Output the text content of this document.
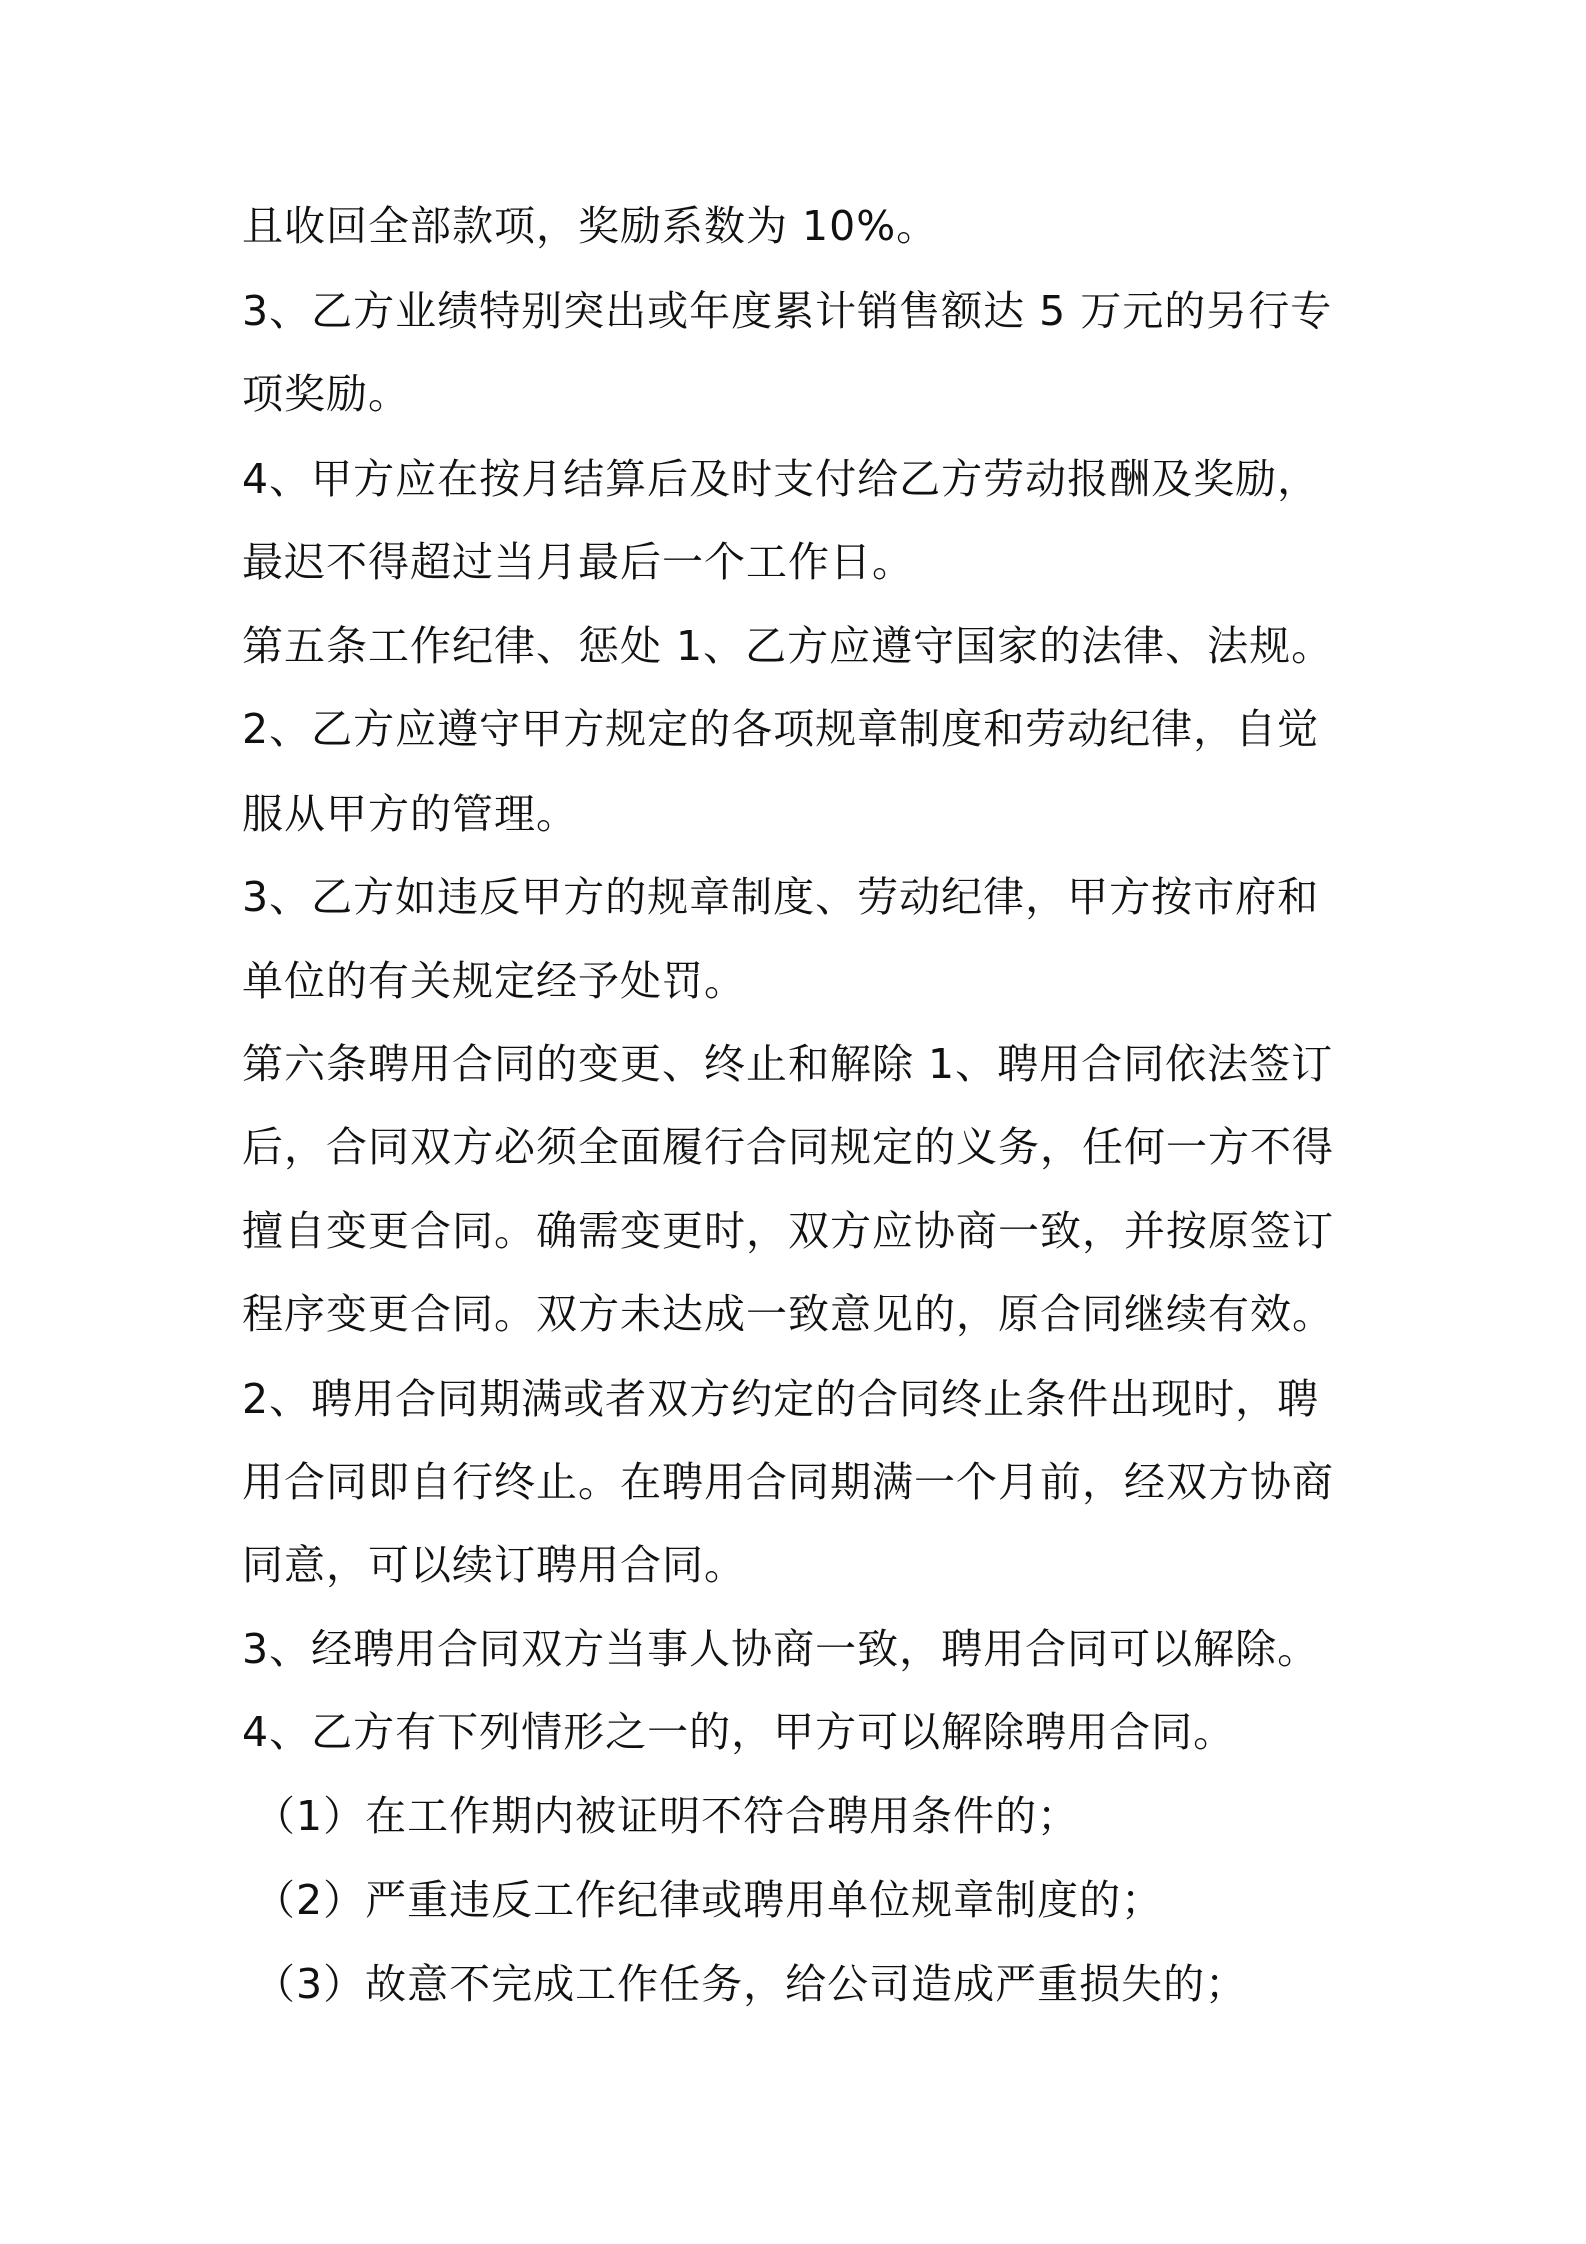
且收回全部款项，奖励系数为 10%。
3、乙方业绩特别突出或年度累计销售额达 5 万元的另行专
项奖励。
4、甲方应在按月结算后及时支付给乙方劳动报酬及奖励，
最迟不得超过当月最后一个工作日。
第五条工作纪律、惩处 1、乙方应遵守国家的法律、法规。
2、乙方应遵守甲方规定的各项规章制度和劳动纪律，自觉
服从甲方的管理。
3、乙方如违反甲方的规章制度、劳动纪律，甲方按市府和
单位的有关规定经予处罚。
第六条聘用合同的变更、终止和解除 1、聘用合同依法签订
后，合同双方必须全面履行合同规定的义务，任何一方不得
擅自变更合同。确需变更时，双方应协商一致，并按原签订
程序变更合同。双方未达成一致意见的，原合同继续有效。
2、聘用合同期满或者双方约定的合同终止条件出现时，聘
用合同即自行终止。在聘用合同期满一个月前，经双方协商
同意，可以续订聘用合同。
3、经聘用合同双方当事人协商一致，聘用合同可以解除。
4、乙方有下列情形之一的，甲方可以解除聘用合同。
（1）在工作期内被证明不符合聘用条件的；
（2）严重违反工作纪律或聘用单位规章制度的；
（3）故意不完成工作任务，给公司造成严重损失的；
